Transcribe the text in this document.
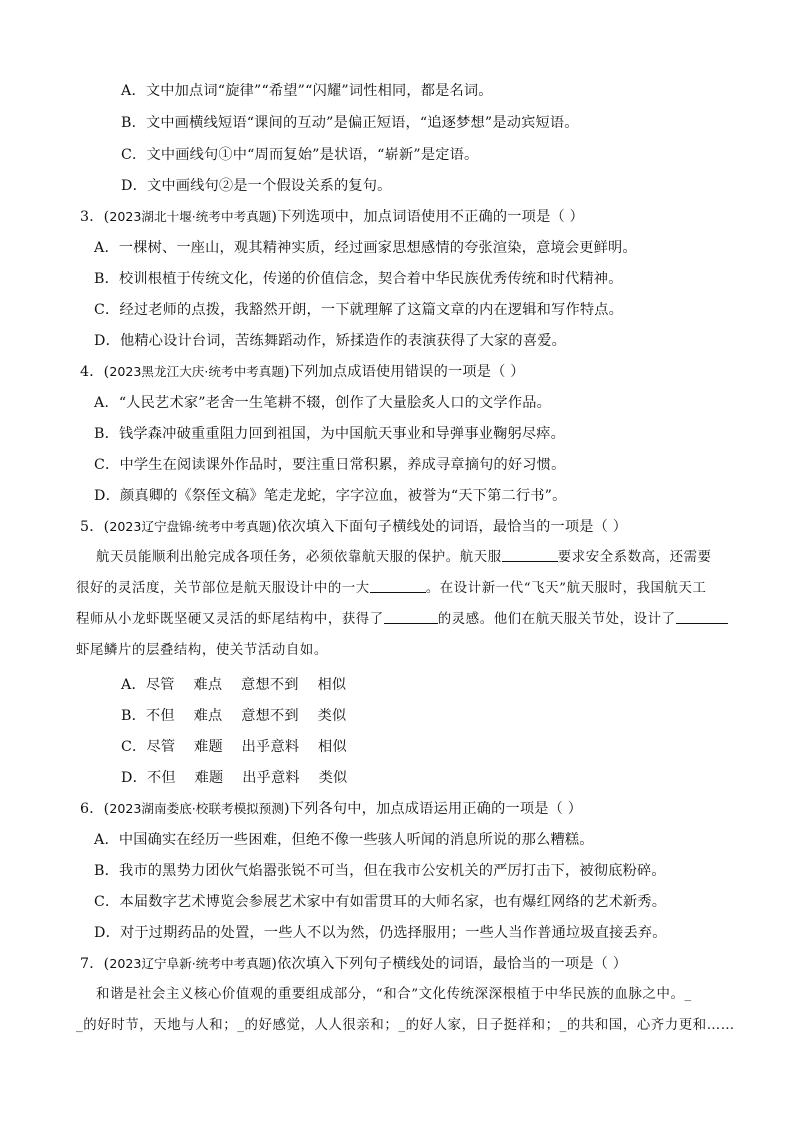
A．文中加点词“旋律”“希望”“闪耀”词性相同，都是名词。
B．文中画横线短语“课间的互动”是偏正短语，“追逐梦想”是动宾短语。
C．文中画线句①中“周而复始”是状语，“崭新”是定语。
D．文中画线句②是一个假设关系的复句。
3．(2023湖北十堰·统考中考真题)下列选项中，加点词语使用不正确的一项是（ ）
A．一棵树、一座山，观其精神实质，经过画家思想感情的夸张渲染，意境会更鲜明。
B．校训根植于传统文化，传递的价值信念，契合着中华民族优秀传统和时代精神。
C．经过老师的点拨，我豁然开朗，一下就理解了这篇文章的内在逻辑和写作特点。
D．他精心设计台词，苦练舞蹈动作，矫揉造作的表演获得了大家的喜爱。
4．(2023黑龙江大庆·统考中考真题)下列加点成语使用错误的一项是（ ）
A．“人民艺术家”老舍一生笔耕不辍，创作了大量脍炙人口的文学作品。
B．钱学森冲破重重阻力回到祖国，为中国航天事业和导弹事业鞠躬尽瘁。
C．中学生在阅读课外作品时，要注重日常积累，养成寻章摘句的好习惯。
D．颜真卿的《祭侄文稿》笔走龙蛇，字字泣血，被誉为“天下第二行书”。
5．(2023辽宁盘锦·统考中考真题)依次填入下面句子横线处的词语，最恰当的一项是（ ）
航天员能顺利出舱完成各项任务，必须依靠航天服的保护。航天服	要求安全系数高，还需要
很好的灵活度，关节部位是航天服设计中的一大	。在设计新一代“飞天”航天服时，我国航天工
程师从小龙虾既坚硬又灵活的虾尾结构中，获得了	的灵感。他们在航天服关节处，设计了
虾尾鳞片的层叠结构，使关节活动自如。
A．尽管    难点    意想不到    相似
B．不但    难点    意想不到    类似
C．尽管    难题    出乎意料    相似
D．不但    难题    出乎意料    类似
6．(2023湖南娄底·校联考模拟预测)下列各句中，加点成语运用正确的一项是（ ）
A．中国确实在经历一些困难，但绝不像一些骇人听闻的消息所说的那么糟糕。
B．我市的黑势力团伙气焰嚣张锐不可当，但在我市公安机关的严厉打击下，被彻底粉碎。
C．本届数字艺术博览会参展艺术家中有如雷贯耳的大师名家，也有爆红网络的艺术新秀。
D．对于过期药品的处置，一些人不以为然，仍选择服用；一些人当作普通垃圾直接丢弃。
7．(2023辽宁阜新·统考中考真题)依次填入下列句子横线处的词语，最恰当的一项是（ ）
和谐是社会主义核心价值观的重要组成部分，“和合”文化传统深深根植于中华民族的血脉之中。_
_的好时节，天地与人和；_的好感觉，人人很亲和；_的好人家，日子挺祥和；_的共和国，心齐力更和……
